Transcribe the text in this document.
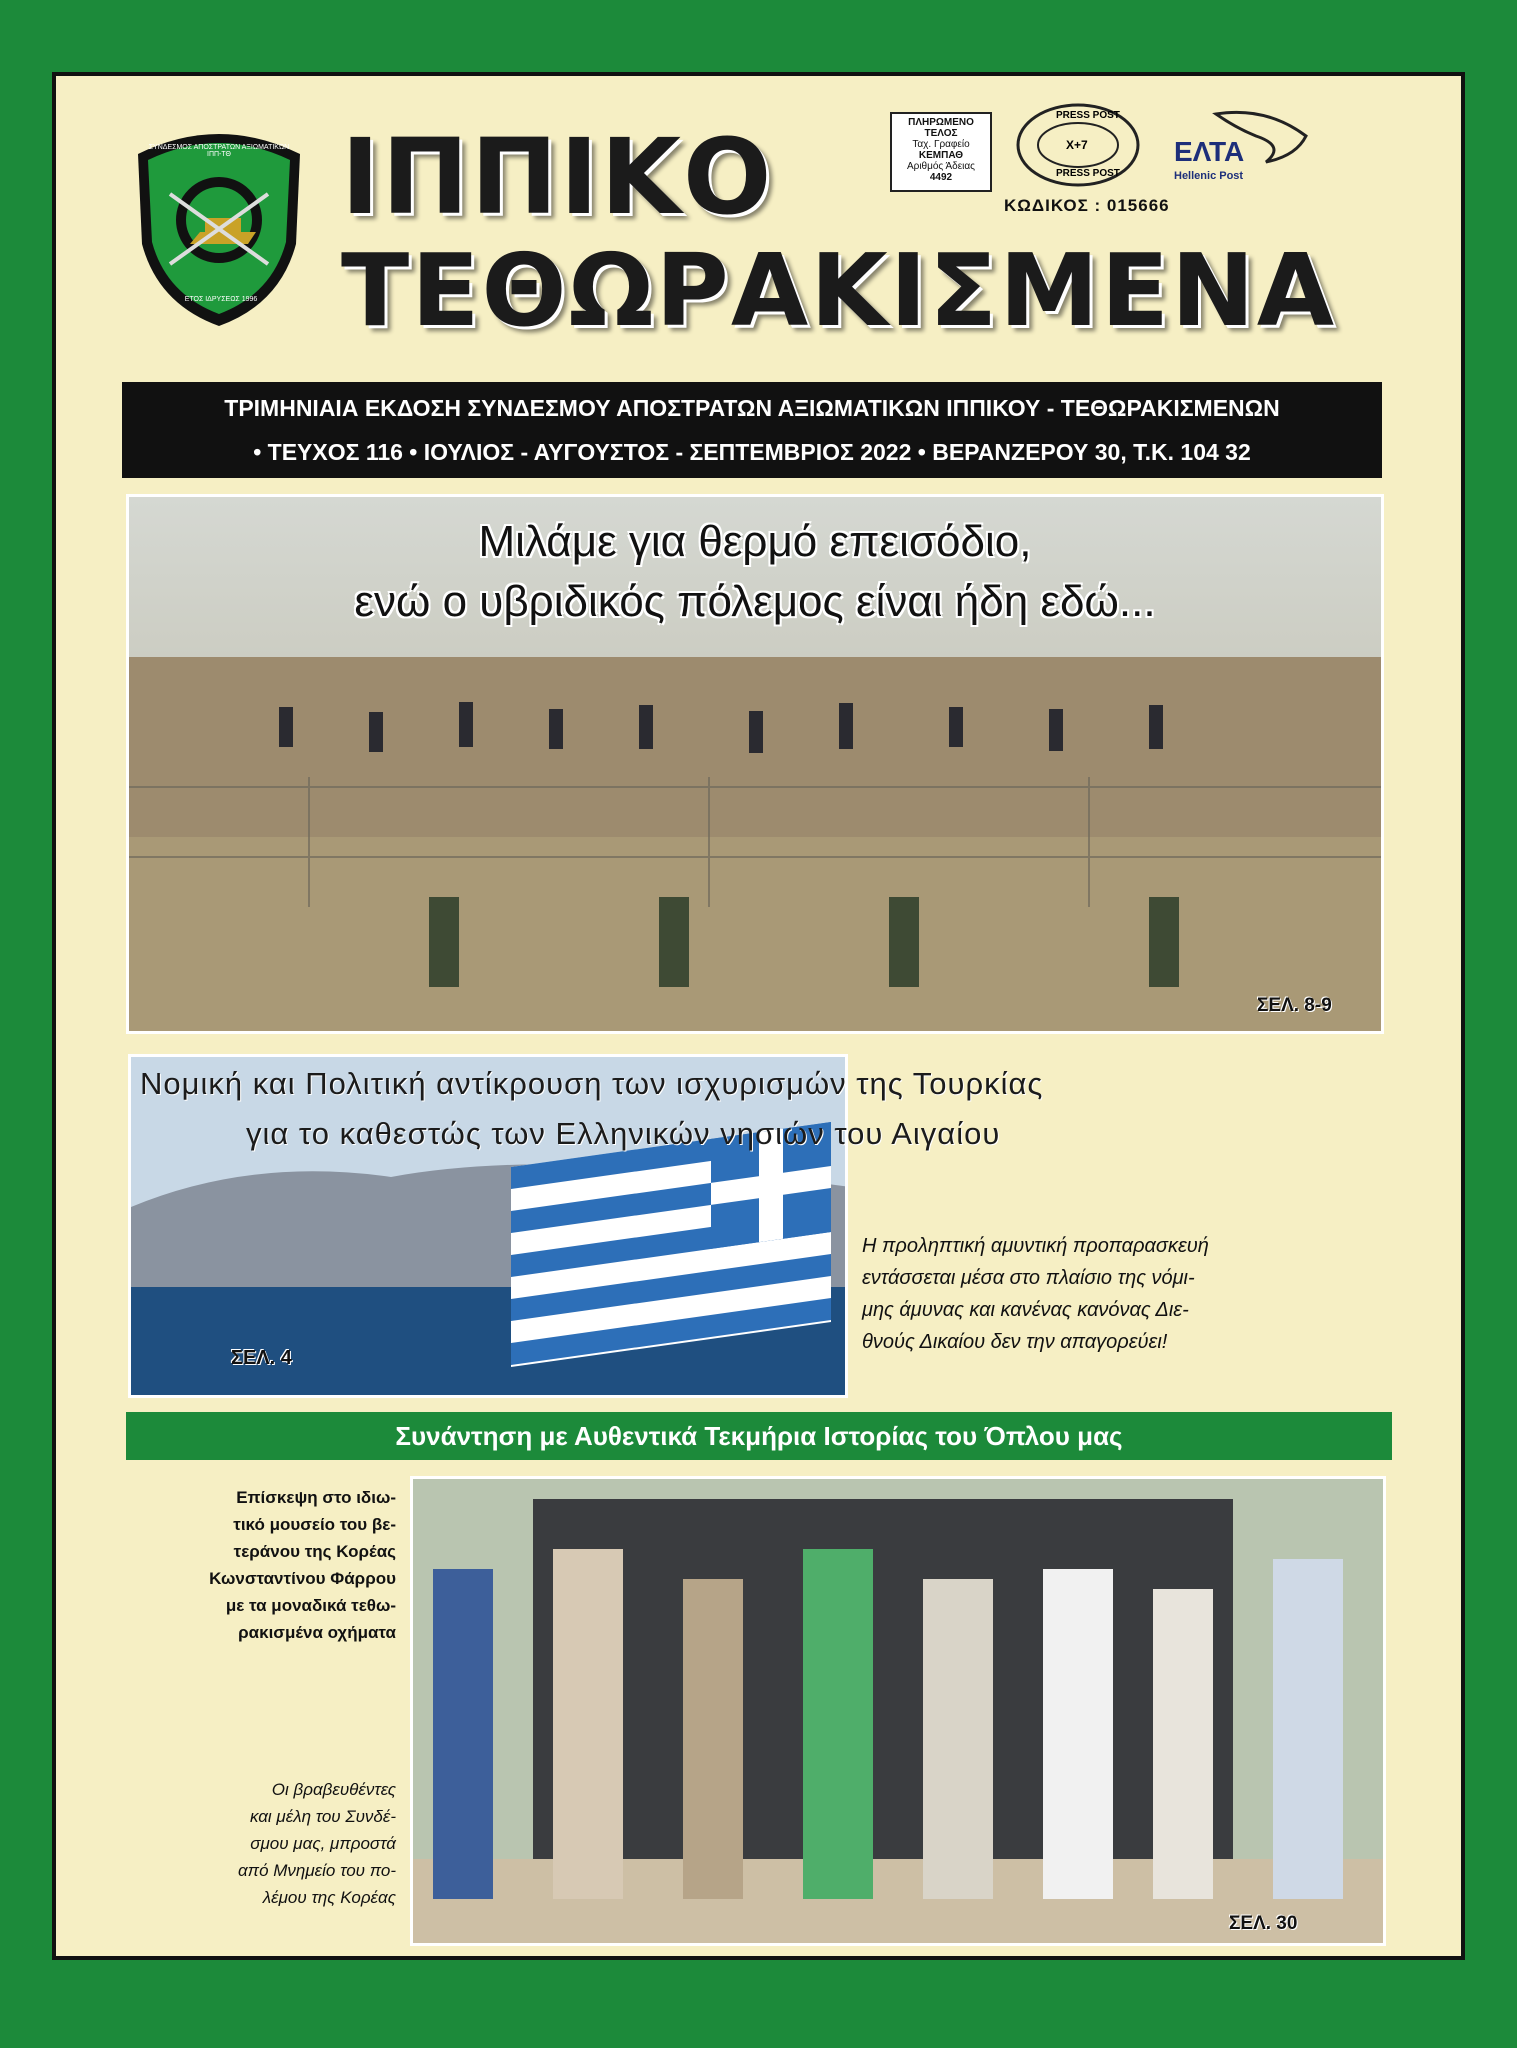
ΣΥΝΔΕΣΜΟΣ ΑΠΟΣΤΡΑΤΩΝ ΑΞΙΩΜΑΤΙΚΩΝ ΙΠΠ-ΤΘ
ΕΤΟΣ ΙΔΡΥΣΕΩΣ 1996
ΙΠΠΙΚΟ
ΤΕΘΩΡΑΚΙΣΜΕΝΑ
ΠΛΗΡΩΜΕΝΟ
ΤΕΛΟΣ
Ταχ. Γραφείο
ΚΕΜΠΑΘ
Αριθμός Άδειας
4492
PRESS POST
X+7
PRESS POST
ΕΛΤΑ
Hellenic Post
ΚΩΔΙΚΟΣ : 015666
ΤΡΙΜΗΝΙΑΙΑ ΕΚΔΟΣΗ ΣΥΝΔΕΣΜΟΥ ΑΠΟΣΤΡΑΤΩΝ ΑΞΙΩΜΑΤΙΚΩΝ ΙΠΠΙΚΟΥ - ΤΕΘΩΡΑΚΙΣΜΕΝΩΝ
• ΤΕΥΧΟΣ 116 • ΙΟΥΛΙΟΣ - ΑΥΓΟΥΣΤΟΣ - ΣΕΠΤΕΜΒΡΙΟΣ 2022 • ΒΕΡΑΝΖΕΡΟΥ 30, Τ.Κ. 104 32
Μιλάμε για θερμό επεισόδιο,
ενώ ο υβριδικός πόλεμος είναι ήδη εδώ...
ΣΕΛ. 8-9
ΣΕΛ. 4
Νομική και Πολιτική αντίκρουση των ισχυρισμών της Τουρκίας
για το καθεστώς των Ελληνικών νησιών του Αιγαίου
Η προληπτική αμυντική προπαρασκευή
εντάσσεται μέσα στο πλαίσιο της νόμι-
μης άμυνας και κανένας κανόνας Διε-
θνούς Δικαίου δεν την απαγορεύει!
Συνάντηση με Αυθεντικά Τεκμήρια Ιστορίας του Όπλου μας
Επίσκεψη στο ιδιω-
τικό μουσείο του βε-
τεράνου της Κορέας
Κωνσταντίνου Φάρρου
με τα μοναδικά τεθω-
ρακισμένα οχήματα
Οι βραβευθέντες
και μέλη του Συνδέ-
σμου μας, μπροστά
από Μνημείο του πο-
λέμου της Κορέας
ΣΕΛ. 30
